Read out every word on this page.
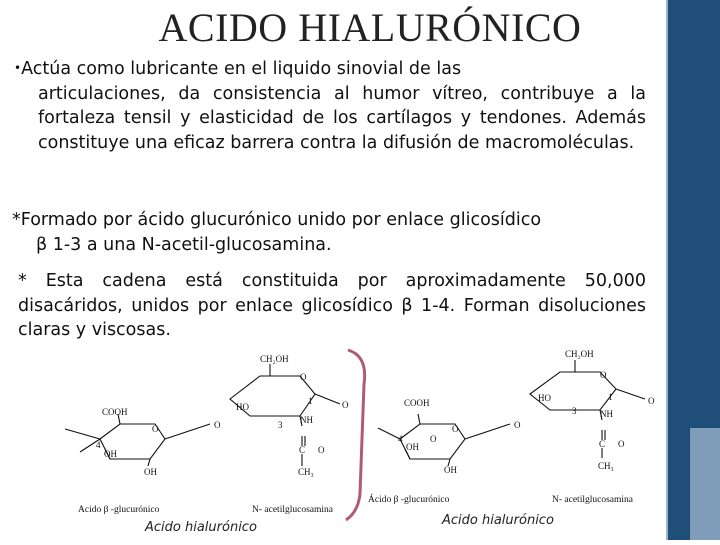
ACIDO HIALURÓNICO
•Actúa como lubricante en el liquido sinovial de las
articulaciones, da consistencia al humor vítreo, contribuye a la fortaleza tensil y elasticidad de los cartílagos y tendones. Además constituye una eficaz barrera contra la difusión de macromoléculas.
*Formado por ácido glucurónico unido por enlace glicosídico
β 1-3 a una N-acetil-glucosamina.
* Esta cadena está constituida por aproximadamente 50,000 disacáridos, unidos por enlace glicosídico β 1-4. Forman disoluciones claras y viscosas.
COOH
O
4
OH
OH
O
CH₂OH
O
HO
1	O
NH
3
C O
CH₃
Acido β -glucurónico	N- acetilglucosamina
COOH
O
4
OH
OH
O
O
CH₂OH
O
HO	1	O
NH
3
C O
CH₃
Ácido β -glucurónico	N- acetilglucosamina
Acido hialurónico	Acido hialurónico
